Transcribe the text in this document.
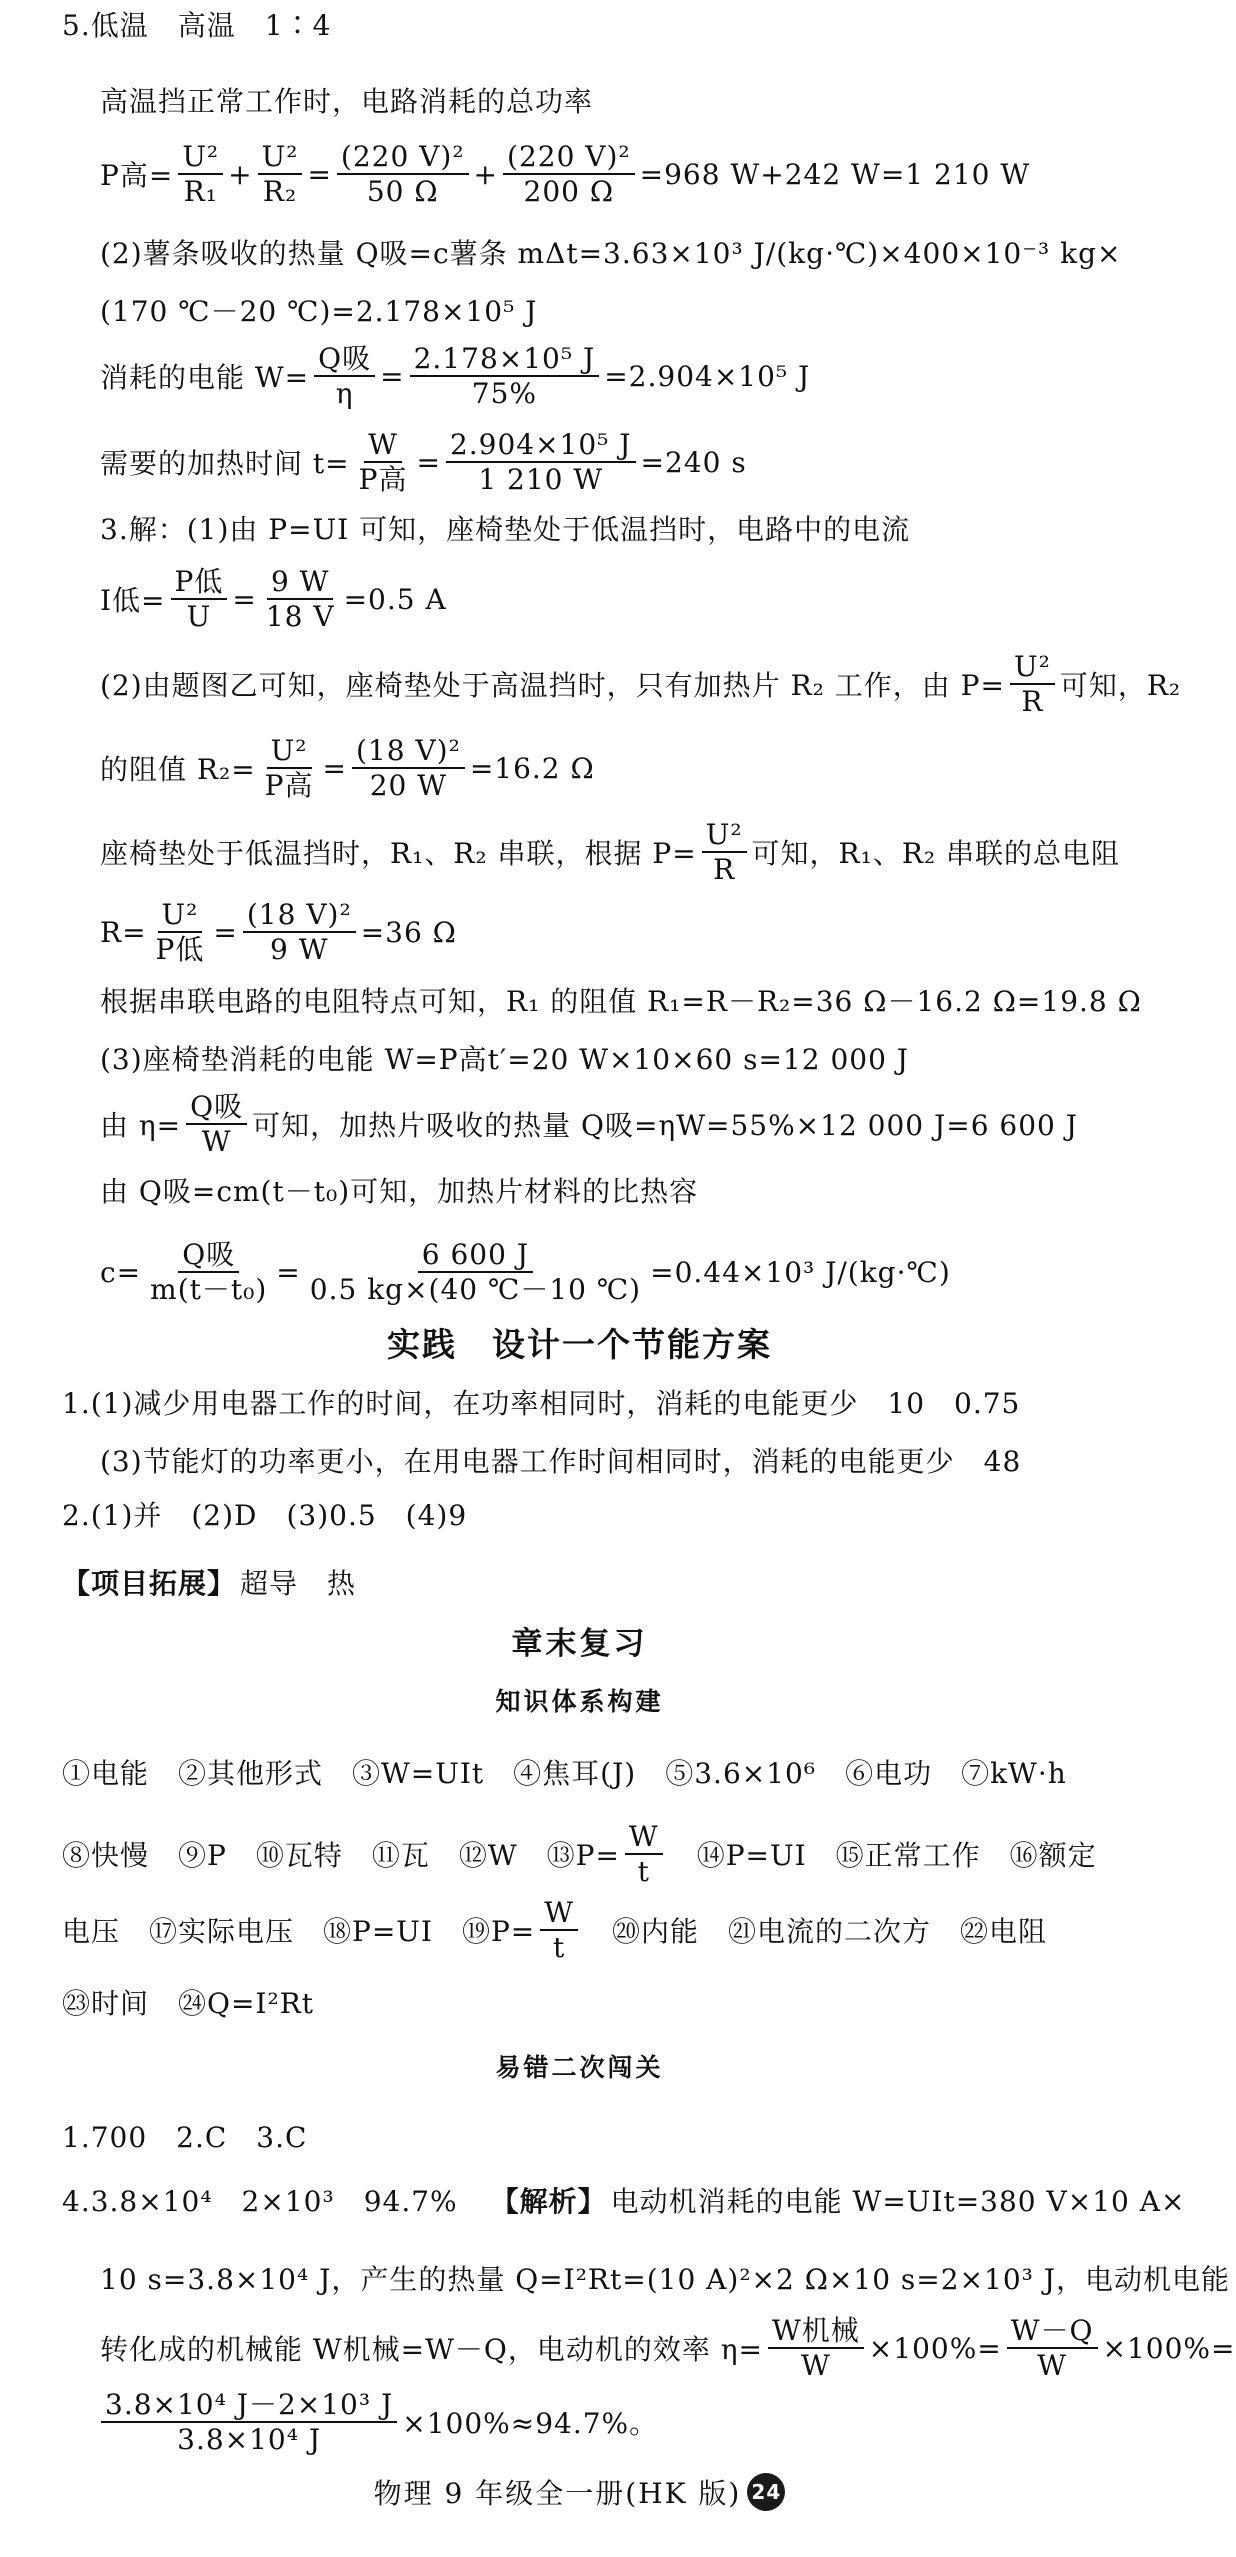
高温挡正常工作时，电路消耗的总功率
P高= $\frac{\text{U²}}{\text{R₁}} + \frac{\text{U²}}{\text{R₂}} = \frac{\text{(220 V)²}}{50 \Omega} + \frac{\text{(220 V)²}}{200 \Omega} =968$ W+242 W=1 210 W
(2)薯条吸收的热量 Q吸=c薯条 mΔt=3.63×10³ J/(kg·℃)×400×10⁻³ kg×
(170 ℃－20 ℃)=2.178×10⁵ J
消耗的电能 $W= \frac{\text{Q吸}}{\eta} = \frac{\text{2.178×10⁵ J}}{75\%} =2.904\times 10^5$ J
需要的加热时间 $t= \frac{W}{\text{P高}} = \frac{\text{2.904×10⁵ J}}{1 210 W} =240$ s
3.解：(1)由 P=UI 可知，座椅垫处于低温挡时，电路中的电流
I低= $\frac{\text{P低}}{U} = \frac{9 W}{18 V} =0.5$ A
(2)由题图乙可知，座椅垫处于高温挡时，只有加热片 R₂ 工作，由 $P= \frac{\text{U²}}{R}$ 可知，R₂
的阻值 $R_2= \frac{\text{U²}}{\text{P高}} = \frac{\text{(18 V)²}}{20 W} =16.2$ Ω
座椅垫处于低温挡时，R₁、R₂ 串联，根据 $P= \frac{\text{U²}}{R}$ 可知，R₁、R₂ 串联的总电阻
$R= \frac{\text{U²}}{\text{P低}} = \frac{\text{(18 V)²}}{9 W} =36$ Ω
根据串联电路的电阻特点可知，R₁ 的阻值 R₁=R－R₂=36 Ω－16.2 Ω=19.8 Ω
(3)座椅垫消耗的电能 W=P高t′=20 W×10×60 s=12 000 J
由 $\eta= \frac{\text{Q吸}}{W}$ 可知，加热片吸收的热量 Q吸=ηW=55%×12 000 J=6 600 J
由 Q吸=cm(t－t₀)可知，加热片材料的比热容
$c= \frac{\text{Q吸}}{\text{m(t－t₀)}} = \frac{6 600 J}{0.5 kg\times(40 ℃-10 ℃)} =0.44\times 10^3$ J/(kg·℃)
实践　设计一个节能方案
1.(1)减少用电器工作的时间，在功率相同时，消耗的电能更少　10　0.75
(3)节能灯的功率更小，在用电器工作时间相同时，消耗的电能更少　48
2.(1)并　(2)D　(3)0.5　(4)9
【项目拓展】 超导　热
章末复习
知识体系构建
①电能　②其他形式　③W=UIt　④焦耳(J)　⑤3.6×10⁶　⑥电功　⑦kW·h
⑧快慢　⑨P　⑩瓦特　⑪瓦　⑫W　⑬P= $\frac{W}{t}$ 　⑭P=UI　⑮正常工作　⑯额定
电压　⑰实际电压　⑱P=UI　⑲P= $\frac{W}{t}$ 　⑳内能　㉑电流的二次方　㉒电阻
㉓时间　㉔Q=I²Rt
易错二次闯关
1.700　2.C　3.C
4.3.8×10⁴　2×10³　94.7%　 【解析】 电动机消耗的电能 W=UIt=380 V×10 A×
10 s=3.8×10⁴ J，产生的热量 Q=I²Rt=(10 A)²×2 Ω×10 s=2×10³ J，电动机电能
转化成的机械能 W机械=W－Q，电动机的效率 $\eta= \frac{\text{W机械}}{W} \times 100\%= \frac{W-Q}{W} \times 100\%=$
$\frac{\text{3.8×10⁴ J－2×10³ J}}{\text{3.8×10⁴ J}} \times 100\%\approx 94.7\%$。
5.低温　高温　1∶4
物理 9 年级全一册(HK 版) 24
